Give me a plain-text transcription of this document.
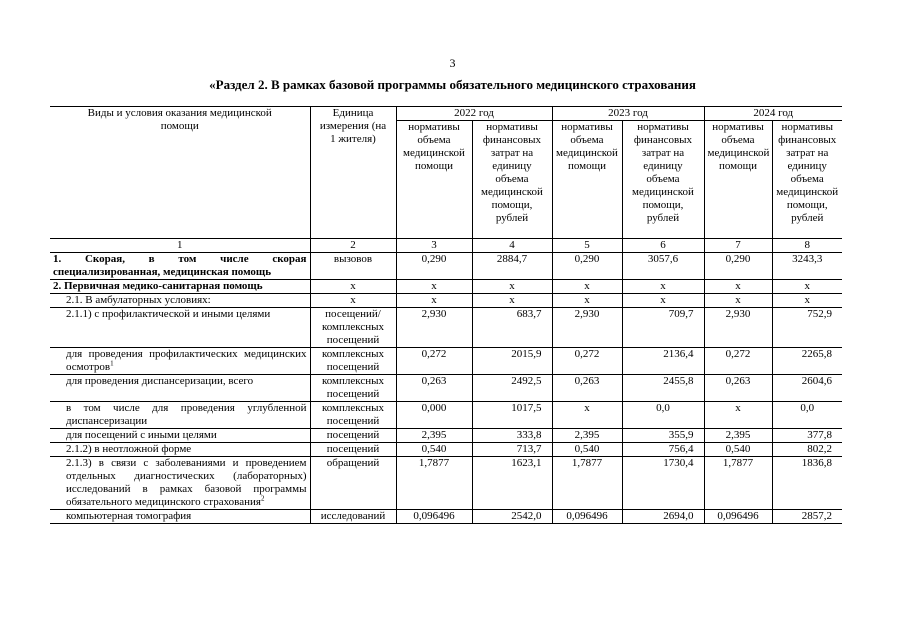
3
«Раздел 2. В рамках базовой программы обязательного медицинского страхования
Виды и условия оказания медицинской помощи	Единица измерения (на 1 жителя)	2022 год		2023 год		2024 год	
		нормативы объема медицинской помощи	нормативы финансовых затрат на единицу объема медицинской помощи, рублей	нормативы объема медицинской помощи	нормативы финансовых затрат на единицу объема медицинской помощи, рублей	нормативы объема медицинской помощи	нормативы финансовых затрат на единицу объема медицинской помощи, рублей
1	2	3	4	5	6	7	8
1. Скорая, в том числе скорая специализированная, медицинская помощь	вызовов	0,290	2884,7	0,290	3057,6	0,290	3243,3
2. Первичная медико-санитарная помощь	х	х	х	х	х	х	х
2.1. В амбулаторных условиях:	х	х	х	х	х	х	х
2.1.1) с профилактической и иными целями	посещений/ комплексных посещений	2,930	683,7	2,930	709,7	2,930	752,9
для проведения профилактических медицинских осмотров$^1$	комплексных посещений	0,272	2015,9	0,272	2136,4	0,272	2265,8
для проведения диспансеризации, всего	комплексных посещений	0,263	2492,5	0,263	2455,8	0,263	2604,6
в том числе для проведения углубленной диспансеризации	комплексных посещений	0,000	1017,5	х	0,0	х	0,0
для посещений с иными целями	посещений	2,395	333,8	2,395	355,9	2,395	377,8
2.1.2) в неотложной форме	посещений	0,540	713,7	0,540	756,4	0,540	802,2
2.1.3) в связи с заболеваниями и проведением отдельных диагностических (лабораторных) исследований в рамках базовой программы обязательного медицинского страхования$^2$	обращений	1,7877	1623,1	1,7877	1730,4	1,7877	1836,8
компьютерная томография	исследований	0,096496	2542,0	0,096496	2694,0	0,096496	2857,2
